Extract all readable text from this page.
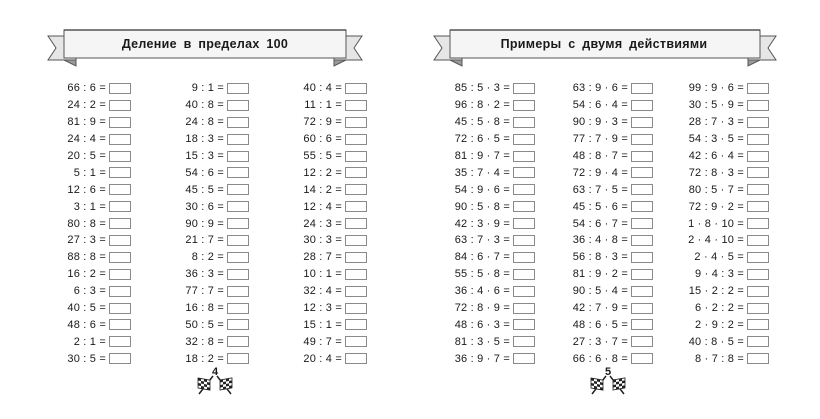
Деление в пределах 100
66 : 6 =
24 : 2 =
81 : 9 =
24 : 4 =
20 : 5 =
5 : 1 =
12 : 6 =
3 : 1 =
80 : 8 =
27 : 3 =
88 : 8 =
16 : 2 =
6 : 3 =
40 : 5 =
48 : 6 =
2 : 1 =
30 : 5 =
9 : 1 =
40 : 8 =
24 : 8 =
18 : 3 =
15 : 3 =
54 : 6 =
45 : 5 =
30 : 6 =
90 : 9 =
21 : 7 =
8 : 2 =
36 : 3 =
77 : 7 =
16 : 8 =
50 : 5 =
32 : 8 =
18 : 2 =
40 : 4 =
11 : 1 =
72 : 9 =
60 : 6 =
55 : 5 =
12 : 2 =
14 : 2 =
12 : 4 =
24 : 3 =
30 : 3 =
28 : 7 =
10 : 1 =
32 : 4 =
12 : 3 =
15 : 1 =
49 : 7 =
20 : 4 =
4
Примеры с двумя действиями
85 : 5 · 3 =
96 : 8 · 2 =
45 : 5 · 8 =
72 : 6 · 5 =
81 : 9 · 7 =
35 : 7 · 4 =
54 : 9 · 6 =
90 : 5 · 8 =
42 : 3 · 9 =
63 : 7 · 3 =
84 : 6 · 7 =
55 : 5 · 8 =
36 : 4 · 6 =
72 : 8 · 9 =
48 : 6 · 3 =
81 : 3 · 5 =
36 : 9 · 7 =
63 : 9 · 6 =
54 : 6 · 4 =
90 : 9 · 3 =
77 : 7 · 9 =
48 : 8 · 7 =
72 : 9 · 4 =
63 : 7 · 5 =
45 : 5 · 6 =
54 : 6 · 7 =
36 : 4 · 8 =
56 : 8 · 3 =
81 : 9 · 2 =
90 : 5 · 4 =
42 : 7 · 9 =
48 : 6 · 5 =
27 : 3 · 7 =
66 : 6 · 8 =
99 : 9 · 6 =
30 : 5 · 9 =
28 : 7 · 3 =
54 : 3 · 5 =
42 : 6 · 4 =
72 : 8 · 3 =
80 : 5 · 7 =
72 : 9 · 2 =
1 · 8 · 10 =
2 · 4 · 10 =
2 · 4 · 5 =
9 · 4 : 3 =
15 · 2 : 2 =
6 · 2 : 2 =
2 · 9 : 2 =
40 : 8 · 5 =
8 · 7 : 8 =
5
